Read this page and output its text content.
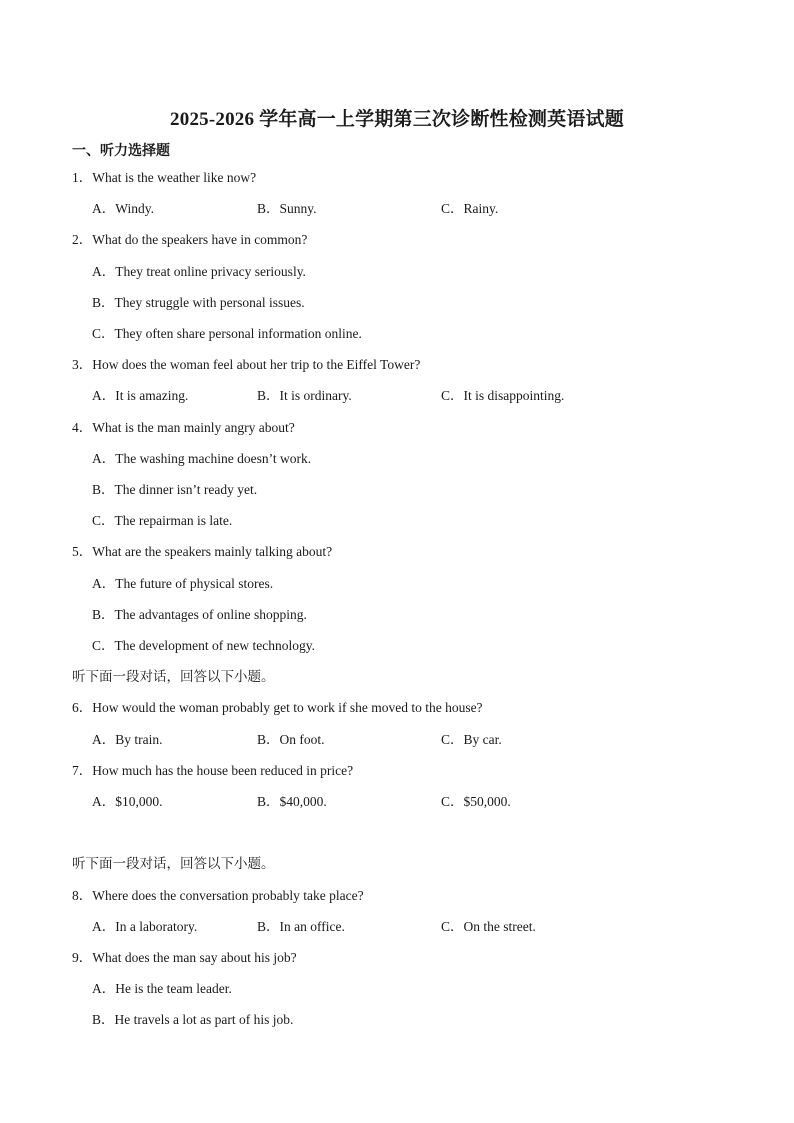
2025-2026 学年高一上学期第三次诊断性检测英语试题
一、听力选择题
1．What is the weather like now?
A．Windy.	B．Sunny.	C．Rainy.
2．What do the speakers have in common?
A．They treat online privacy seriously.
B．They struggle with personal issues.
C．They often share personal information online.
3．How does the woman feel about her trip to the Eiffel Tower?
A．It is amazing.	B．It is ordinary.	C．It is disappointing.
4．What is the man mainly angry about?
A．The washing machine doesn’t work.
B．The dinner isn’t ready yet.
C．The repairman is late.
5．What are the speakers mainly talking about?
A．The future of physical stores.
B．The advantages of online shopping.
C．The development of new technology.
听下面一段对话，回答以下小题。
6．How would the woman probably get to work if she moved to the house?
A．By train.	B．On foot.	C．By car.
7．How much has the house been reduced in price?
A．$10,000.	B．$40,000.	C．$50,000.
听下面一段对话，回答以下小题。
8．Where does the conversation probably take place?
A．In a laboratory.	B．In an office.	C．On the street.
9．What does the man say about his job?
A．He is the team leader.
B．He travels a lot as part of his job.
